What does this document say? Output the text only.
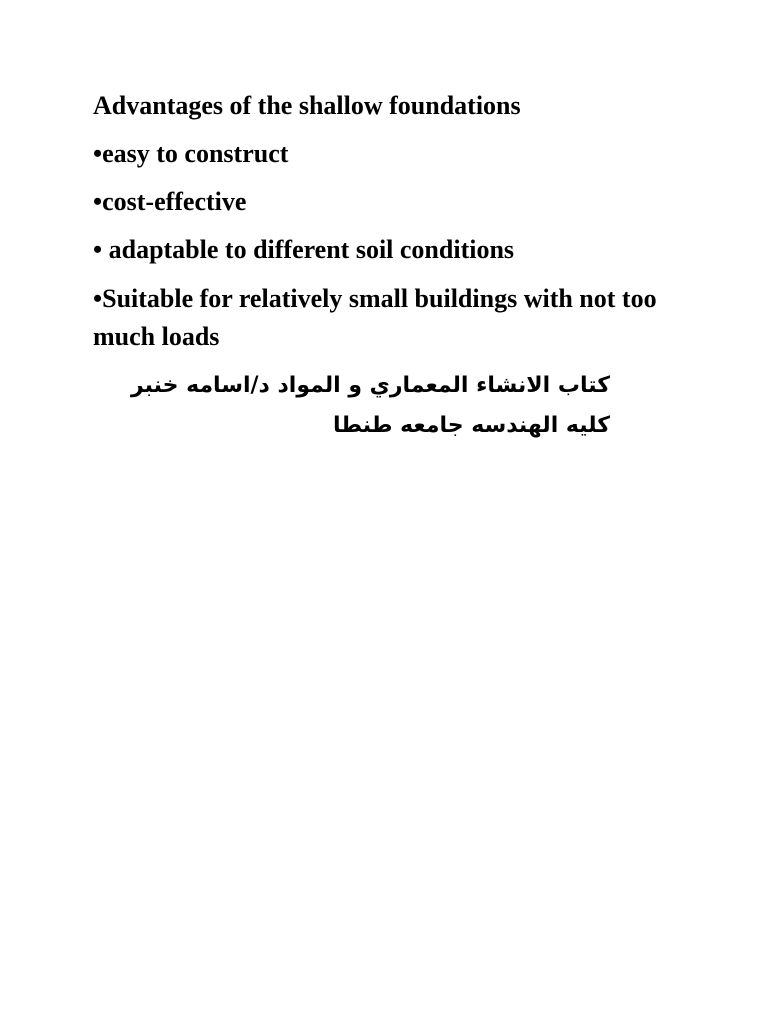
Advantages of the shallow foundations
•easy to construct
•cost-effective
• adaptable to different soil conditions
•Suitable for relatively small buildings with not too much loads
كتاب الانشاء المعماري و المواد د/اسامه خنبر كليه الهندسه جامعه طنطا
